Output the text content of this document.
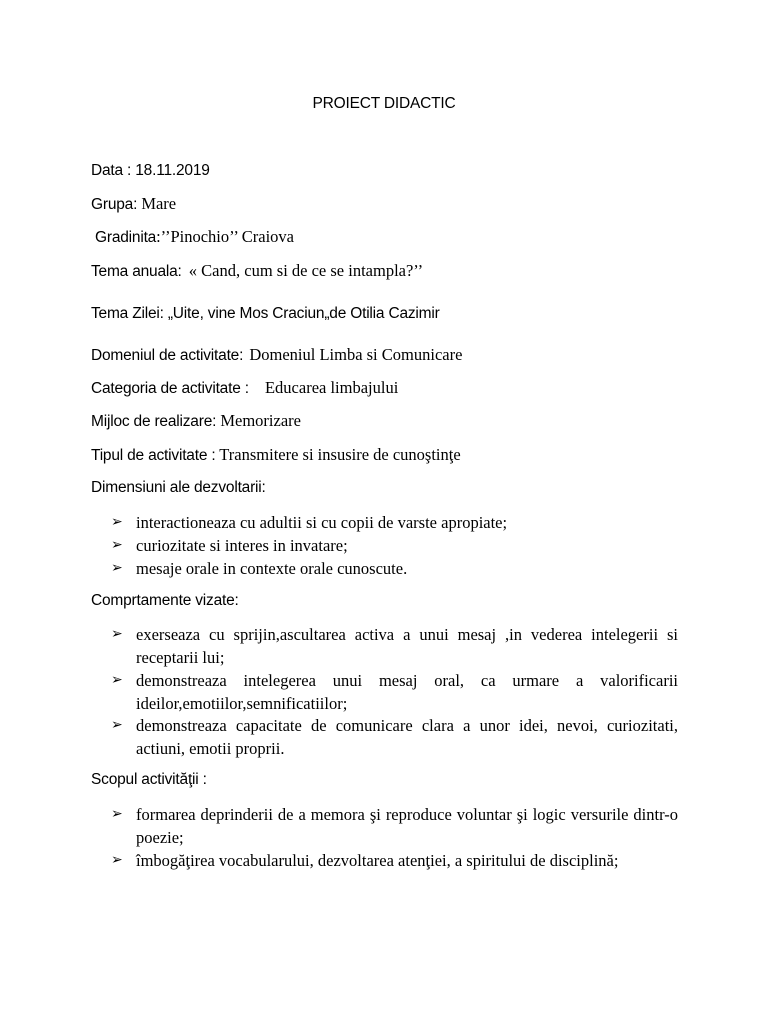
PROIECT DIDACTIC
Data : 18.11.2019
Grupa: Mare
Gradinita:’’Pinochio’’ Craiova
Tema anuala: « Cand, cum si de ce se intampla?’’
Tema Zilei: „Uite, vine Mos Craciun„de Otilia Cazimir
Domeniul de activitate: Domeniul Limba si Comunicare
Categoria de activitate : Educarea limbajului
Mijloc de realizare: Memorizare
Tipul de activitate : Transmitere si insusire de cunoştinţe
Dimensiuni ale dezvoltarii:
➢ interactioneaza cu adultii si cu copii de varste apropiate;
➢ curiozitate si interes in invatare;
➢ mesaje orale in contexte orale cunoscute.
Comprtamente vizate:
➢ exerseaza cu sprijin,ascultarea activa a unui mesaj ,in vederea intelegerii si receptarii lui;
➢ demonstreaza intelegerea unui mesaj oral, ca urmare a valorificarii ideilor,emotiilor,semnificatiilor;
➢ demonstreaza capacitate de comunicare clara a unor idei, nevoi, curiozitati, actiuni, emotii proprii.
Scopul activităţii :
➢ formarea deprinderii de a memora şi reproduce voluntar şi logic versurile dintr-o poezie;
➢ îmbogăţirea vocabularului, dezvoltarea atenţiei, a spiritului de disciplină;
